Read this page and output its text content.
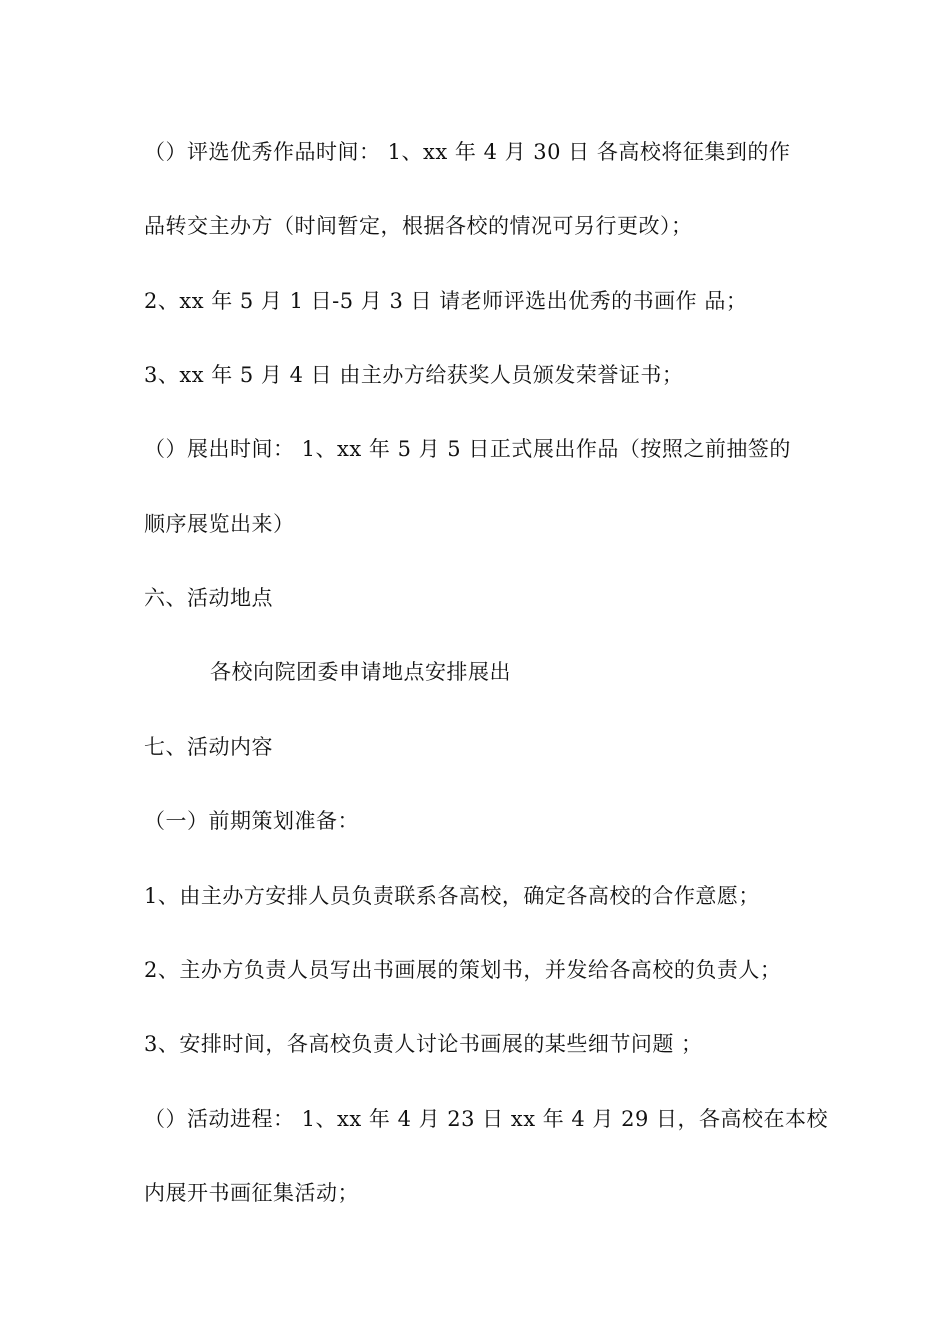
（）评选优秀作品时间： 1、xx 年 4 月 30 日 各高校将征集到的作

品转交主办方（时间暂定，根据各校的情况可另行更改）；

2、xx 年 5 月 1 日-5 月 3 日 请老师评选出优秀的书画作 品；

3、xx 年 5 月 4 日 由主办方给获奖人员颁发荣誉证书；

（）展出时间： 1、xx 年 5 月 5 日正式展出作品（按照之前抽签的

顺序展览出来）

六、活动地点

各校向院团委申请地点安排展出

七、活动内容

（一）前期策划准备：

1、由主办方安排人员负责联系各高校，确定各高校的合作意愿；

2、主办方负责人员写出书画展的策划书，并发给各高校的负责人；

3、安排时间，各高校负责人讨论书画展的某些细节问题 ；

（）活动进程： 1、xx 年 4 月 23 日 xx 年 4 月 29 日，各高校在本校

内展开书画征集活动；
